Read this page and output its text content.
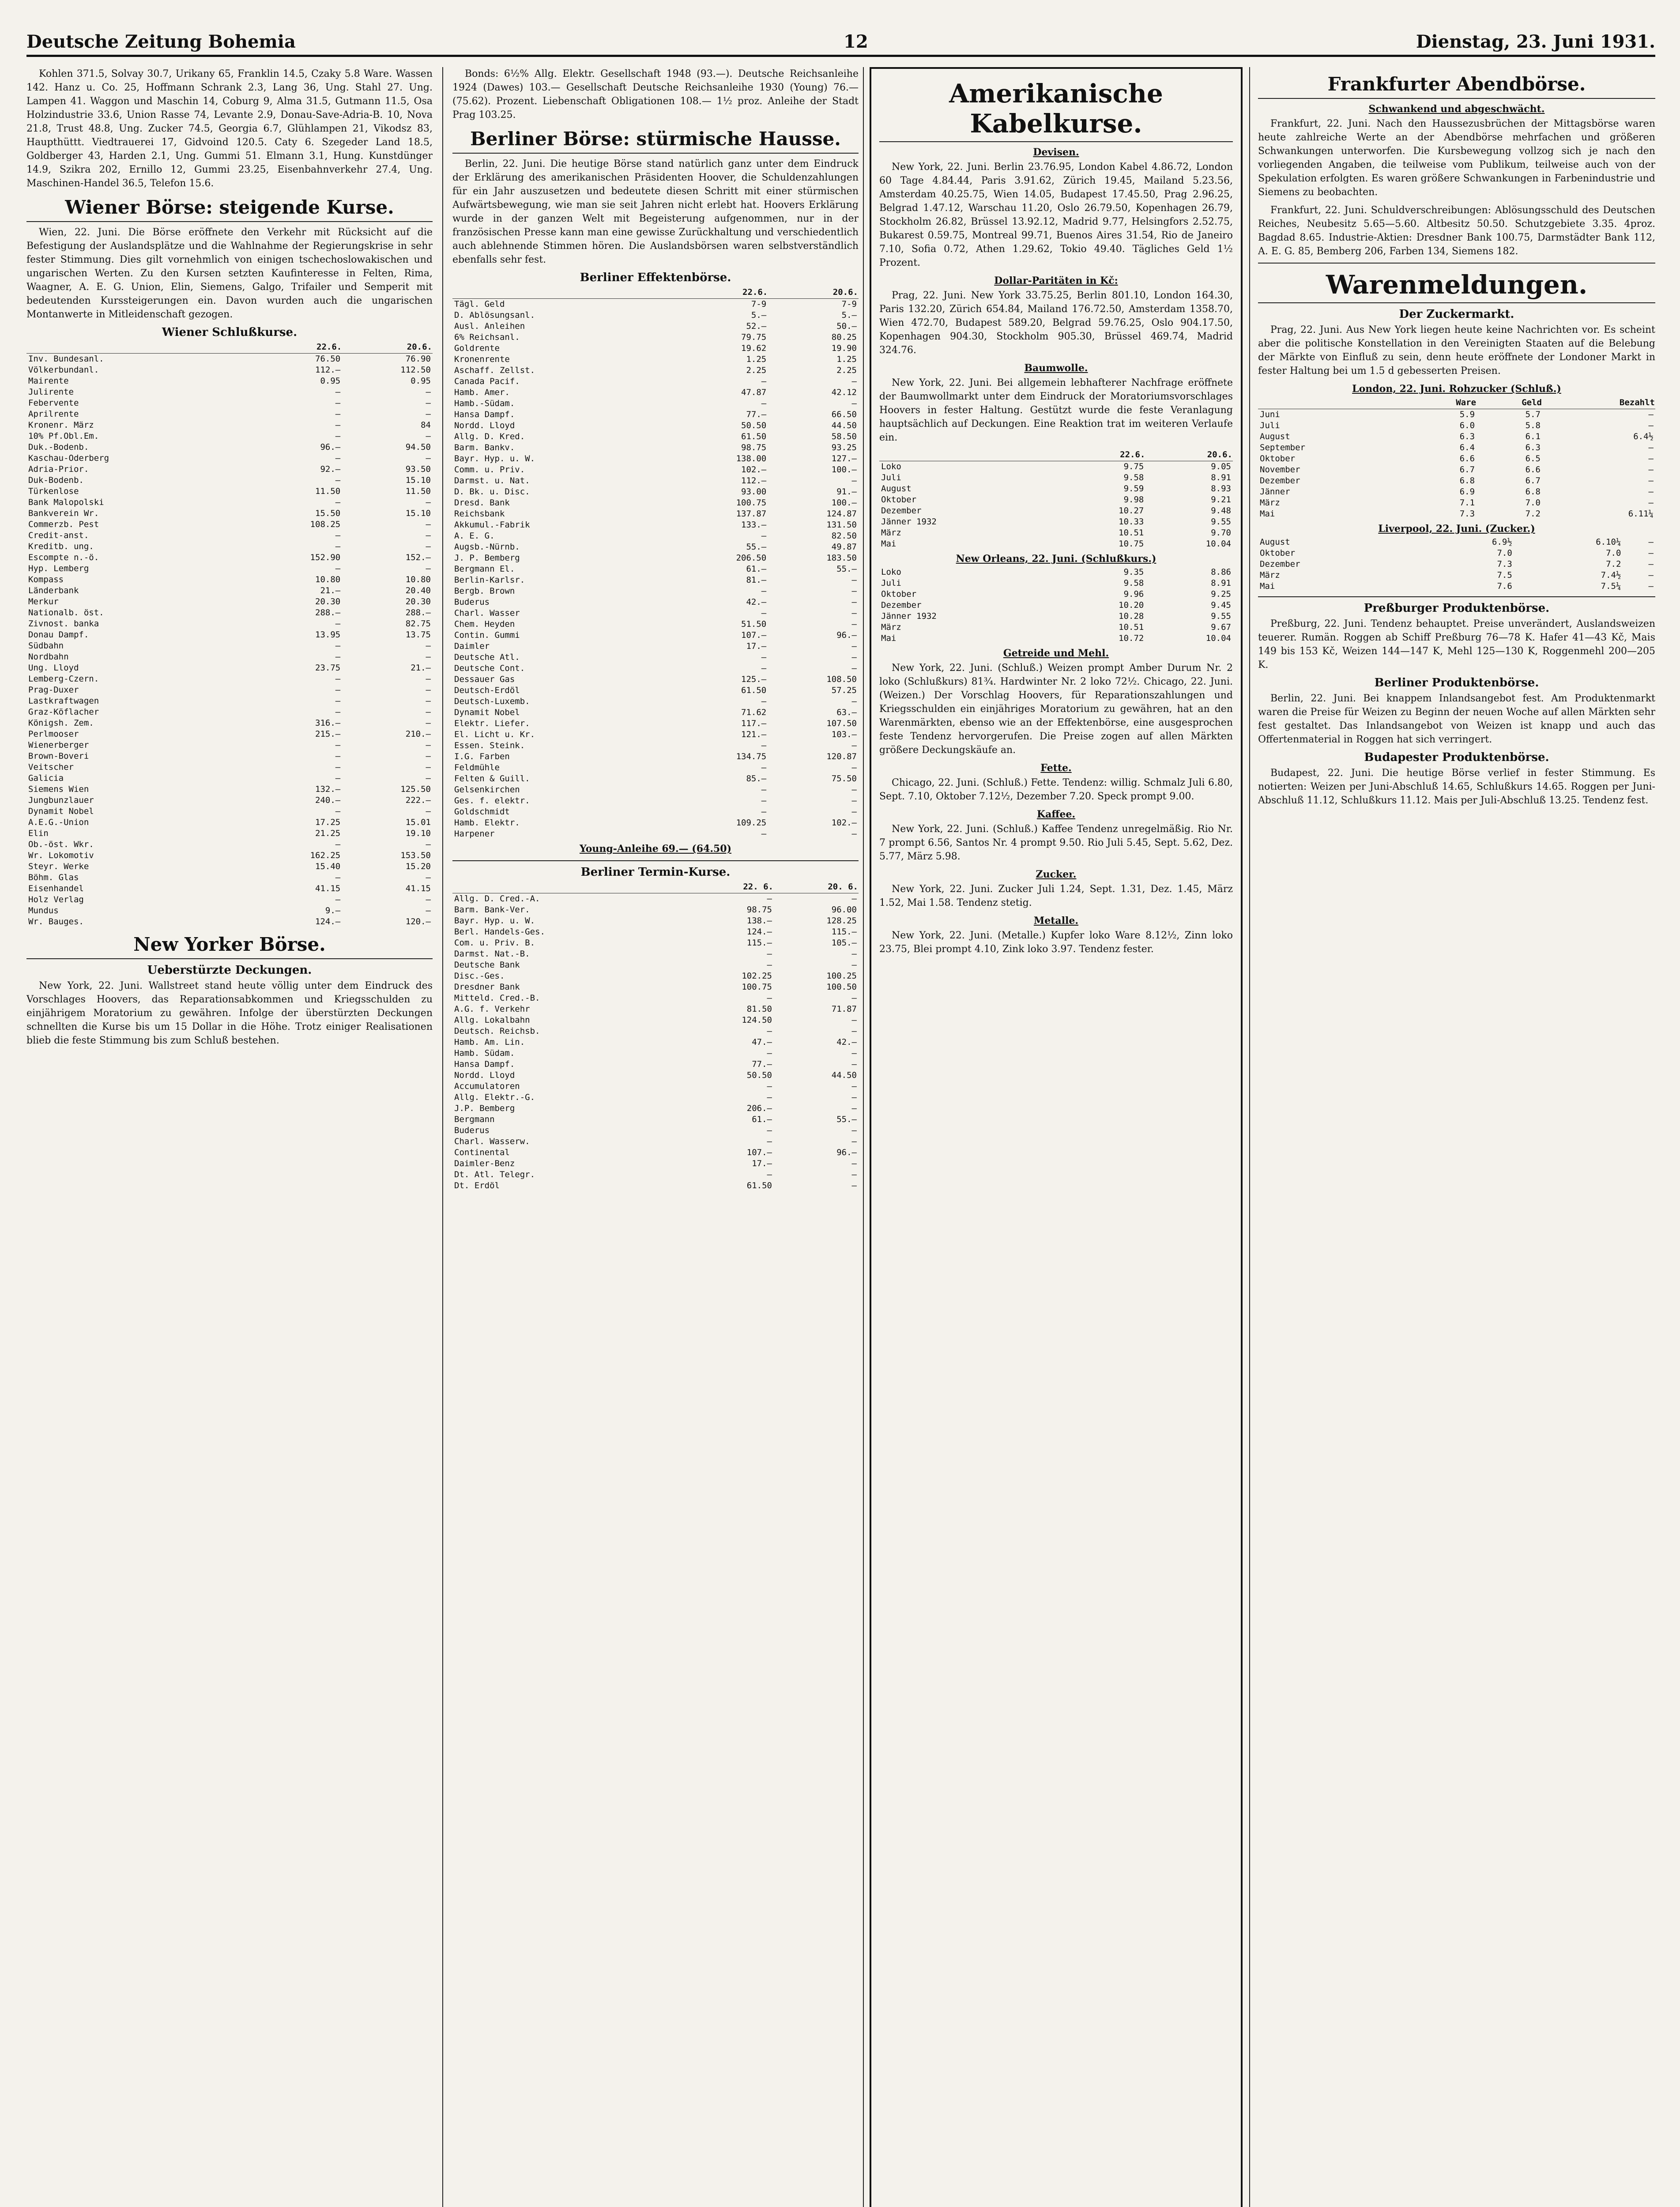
Deutsche Zeitung Bohemia	12	Dienstag, 23. Juni 1931.

Kohlen 371.5, Solvay 30.7, Urikany 65, Franklin 14.5, Czaky 5.8 Ware. Wassen 142. Hanz u. Co. 25, Hoffmann Schrank 2.3, Lang 36, Ung. Stahl 27. Ung. Lampen 41. Waggon und Maschin 14, Coburg 9, Alma 31.5, Gutmann 11.5, Osa Holzindustrie 33.6, Union Rasse 74, Levante 2.9, Donau-Save-Adria-B. 10, Nova 21.8, Trust 48.8, Ung. Zucker 74.5, Georgia 6.7, Glühlampen 21, Vikodsz 83, Haupthüttt. Viedtrauerei 17, Gidvoind 120.5. Caty 6. Szegeder Land 18.5, Goldberger 43, Harden 2.1, Ung. Gummi 51. Elmann 3.1, Hung. Kunstdünger 14.9, Szikra 202, Ernillo 12, Gummi 23.25, Eisenbahnverkehr 27.4, Ung. Maschinen-Handel 36.5, Telefon 15.6.

Wiener Börse: steigende Kurse.

Wien, 22. Juni. Die Börse eröffnete den Verkehr mit Rücksicht auf die Befestigung der Auslandsplätze und die Wahlnahme der Regierungskrise in sehr fester Stimmung. Dies gilt vornehmlich von einigen tschechoslowakischen und ungarischen Werten. Zu den Kursen setzten Kaufinteresse in Felten, Rima, Waagner, A. E. G. Union, Elin, Siemens, Galgo, Trifailer und Semperit mit bedeutenden Kurssteigerungen ein. Davon wurden auch die ungarischen Montanwerte in Mitleidenschaft gezogen.

Wiener Schlußkurse.
	22.6.	20.6.
Inv. Bundesanl.	76.50	76.90
Völkerbundanl.	112.—	112.50
Mairente	0.95	0.95
Julirente	—	—
Febervente	—	—
Aprilrente	—	—
Kronenr. März	—	84
10% Pf.Obl.Em.	—	—
Duk.-Bodenb.	96.—	94.50
Kaschau-Oderberg	—	—
Adria-Prior.	92.—	93.50
Duk-Bodenb.	—	15.10
Türkenlose	11.50	11.50
Bank Malopolski	—	—
Bankverein Wr.	15.50	15.10
Commerzb. Pest	108.25	—
Credit-anst.	—	—
Kreditb. ung.	—	—
Escompte n.-ö.	152.90	152.—
Hyp. Lemberg	—	—
Kompass	10.80	10.80
Länderbank	21.—	20.40
Merkur	20.30	20.30
Nationalb. öst.	288.—	288.—
Zivnost. banka	—	82.75
Donau Dampf.	13.95	13.75
Südbahn	—	—
Nordbahn	—	—
Ung. Lloyd	23.75	21.—
Lemberg-Czern.	—	—
Prag-Duxer	—	—
Lastkraftwagen	—	—
Graz-Köflacher	—	—
Königsh. Zem.	316.—	—
Perlmooser	215.—	210.—
Wienerberger	—	—
Brown-Boveri	—	—
Veitscher	—	—
Galicia	—	—
Siemens Wien	132.—	125.50
Jungbunzlauer	240.—	222.—
Dynamit Nobel	—	—
A.E.G.-Union	17.25	15.01
Elin	21.25	19.10
Ob.-öst. Wkr.	—	—
Wr. Lokomotiv	162.25	153.50
Steyr. Werke	15.40	15.20
Böhm. Glas	—	—
Eisenhandel	41.15	41.15
Holz Verlag	—	—
Mundus	9.—	—
Wr. Bauges.	124.—	120.—
New Yorker Börse.
Ueberstürzte Deckungen.

New York, 22. Juni. Wallstreet stand heute völlig unter dem Eindruck des Vorschlages Hoovers, das Reparationsabkommen und Kriegsschulden zu einjährigem Moratorium zu gewähren. Infolge der überstürzten Deckungen schnellten die Kurse bis um 15 Dollar in die Höhe. Trotz einiger Realisationen blieb die feste Stimmung bis zum Schluß bestehen.

Bonds: 6½% Allg. Elektr. Gesellschaft 1948 (93.—). Deutsche Reichsanleihe 1924 (Dawes) 103.— Gesellschaft Deutsche Reichsanleihe 1930 (Young) 76.— (75.62). Prozent. Liebenschaft Obligationen 108.— 1½ proz. Anleihe der Stadt Prag 103.25.

Berliner Börse: stürmische Hausse.

Berlin, 22. Juni. Die heutige Börse stand natürlich ganz unter dem Eindruck der Erklärung des amerikanischen Präsidenten Hoover, die Schuldenzahlungen für ein Jahr auszusetzen und bedeutete diesen Schritt mit einer stürmischen Aufwärtsbewegung, wie man sie seit Jahren nicht erlebt hat. Hoovers Erklärung wurde in der ganzen Welt mit Begeisterung aufgenommen, nur in der französischen Presse kann man eine gewisse Zurückhaltung und verschiedentlich auch ablehnende Stimmen hören. Die Auslandsbörsen waren selbstverständlich ebenfalls sehr fest.

Berliner Effektenbörse.
	22.6.	20.6.
Tägl. Geld	7-9	7-9
D. Ablösungsanl.	5.—	5.—
Ausl. Anleihen	52.—	50.—
6% Reichsanl.	79.75	80.25
Goldrente	19.62	19.90
Kronenrente	1.25	1.25
Aschaff. Zellst.	2.25	2.25
Canada Pacif.	—	—
Hamb. Amer.	47.87	42.12
Hamb.-Südam.	—	—
Hansa Dampf.	77.—	66.50
Nordd. Lloyd	50.50	44.50
Allg. D. Kred.	61.50	58.50
Barm. Bankv.	98.75	93.25
Bayr. Hyp. u. W.	138.00	127.—
Comm. u. Priv.	102.—	100.—
Darmst. u. Nat.	112.—	—
D. Bk. u. Disc.	93.00	91.—
Dresd. Bank	100.75	100.—
Reichsbank	137.87	124.87
Akkumul.-Fabrik	133.—	131.50
A. E. G.	—	82.50
Augsb.-Nürnb.	55.—	49.87
J. P. Bemberg	206.50	183.50
Bergmann El.	61.—	55.—
Berlin-Karlsr.	81.—	—
Bergb. Brown	—	—
Buderus	42.—	—
Charl. Wasser	—	—
Chem. Heyden	51.50	—
Contin. Gummi	107.—	96.—
Daimler	17.—	—
Deutsche Atl.	—	—
Deutsche Cont.	—	—
Dessauer Gas	125.—	108.50
Deutsch-Erdöl	61.50	57.25
Deutsch-Luxemb.	—	—
Dynamit Nobel	71.62	63.—
Elektr. Liefer.	117.—	107.50
El. Licht u. Kr.	121.—	103.—
Essen. Steink.	—	—
I.G. Farben	134.75	120.87
Feldmühle	—	—
Felten & Guill.	85.—	75.50
Gelsenkirchen	—	—
Ges. f. elektr.	—	—
Goldschmidt	—	—
Hamb. Elektr.	109.25	102.—
Harpener	—	—
Young-Anleihe 69.— (64.50)
Berliner Termin-Kurse.
	22. 6.	20. 6.
Allg. D. Cred.-A.	—	—
Barm. Bank-Ver.	98.75	96.00
Bayr. Hyp. u. W.	138.—	128.25
Berl. Handels-Ges.	124.—	115.—
Com. u. Priv. B.	115.—	105.—
Darmst. Nat.-B.	—	—
Deutsche Bank	—	—
Disc.-Ges.	102.25	100.25
Dresdner Bank	100.75	100.50
Mitteld. Cred.-B.	—	—
A.G. f. Verkehr	81.50	71.87
Allg. Lokalbahn	124.50	—
Deutsch. Reichsb.	—	—
Hamb. Am. Lin.	47.—	42.—
Hamb. Südam.	—	—
Hansa Dampf.	77.—	—
Nordd. Lloyd	50.50	44.50
Accumulatoren	—	—
Allg. Elektr.-G.	—	—
J.P. Bemberg	206.—	—
Bergmann	61.—	55.—
Buderus	—	—
Charl. Wasserw.	—	—
Continental	107.—	96.—
Daimler-Benz	17.—	—
Dt. Atl. Telegr.	—	—
Dt. Erdöl	61.50	—
Amerikanische Kabelkurse.
Devisen.

New York, 22. Juni. Berlin 23.76.95, London Kabel 4.86.72, London 60 Tage 4.84.44, Paris 3.91.62, Zürich 19.45, Mailand 5.23.56, Amsterdam 40.25.75, Wien 14.05, Budapest 17.45.50, Prag 2.96.25, Belgrad 1.47.12, Warschau 11.20, Oslo 26.79.50, Kopenhagen 26.79, Stockholm 26.82, Brüssel 13.92.12, Madrid 9.77, Helsingfors 2.52.75, Bukarest 0.59.75, Montreal 99.71, Buenos Aires 31.54, Rio de Janeiro 7.10, Sofia 0.72, Athen 1.29.62, Tokio 49.40. Tägliches Geld 1½ Prozent.

Dollar-Paritäten in Kč:

Prag, 22. Juni. New York 33.75.25, Berlin 801.10, London 164.30, Paris 132.20, Zürich 654.84, Mailand 176.72.50, Amsterdam 1358.70, Wien 472.70, Budapest 589.20, Belgrad 59.76.25, Oslo 904.17.50, Kopenhagen 904.30, Stockholm 905.30, Brüssel 469.74, Madrid 324.76.

Baumwolle.

New York, 22. Juni. Bei allgemein lebhafterer Nachfrage eröffnete der Baumwollmarkt unter dem Eindruck der Moratoriumsvorschlages Hoovers in fester Haltung. Gestützt wurde die feste Veranlagung hauptsächlich auf Deckungen. Eine Reaktion trat im weiteren Verlaufe ein.

	22.6.	20.6.
Loko	9.75	9.05
Juli	9.58	8.91
August	9.59	8.93
Oktober	9.98	9.21
Dezember	10.27	9.48
Jänner 1932	10.33	9.55
März	10.51	9.70
Mai	10.75	10.04
New Orleans, 22. Juni. (Schlußkurs.)
Loko	9.35	8.86
Juli	9.58	8.91
Oktober	9.96	9.25
Dezember	10.20	9.45
Jänner 1932	10.28	9.55
März	10.51	9.67
Mai	10.72	10.04
Getreide und Mehl.

New York, 22. Juni. (Schluß.) Weizen prompt Amber Durum Nr. 2 loko (Schlußkurs) 81¾. Hardwinter Nr. 2 loko 72½. Chicago, 22. Juni. (Weizen.) Der Vorschlag Hoovers, für Reparationszahlungen und Kriegsschulden ein einjähriges Moratorium zu gewähren, hat an den Warenmärkten, ebenso wie an der Effektenbörse, eine ausgesprochen feste Tendenz hervorgerufen. Die Preise zogen auf allen Märkten größere Deckungskäufe an.

Fette.

Chicago, 22. Juni. (Schluß.) Fette. Tendenz: willig. Schmalz Juli 6.80, Sept. 7.10, Oktober 7.12½, Dezember 7.20. Speck prompt 9.00.

Kaffee.

New York, 22. Juni. (Schluß.) Kaffee Tendenz unregelmäßig. Rio Nr. 7 prompt 6.56, Santos Nr. 4 prompt 9.50. Rio Juli 5.45, Sept. 5.62, Dez. 5.77, März 5.98.

Zucker.

New York, 22. Juni. Zucker Juli 1.24, Sept. 1.31, Dez. 1.45, März 1.52, Mai 1.58. Tendenz stetig.

Metalle.

New York, 22. Juni. (Metalle.) Kupfer loko Ware 8.12½, Zinn loko 23.75, Blei prompt 4.10, Zink loko 3.97. Tendenz fester.

Frankfurter Abendbörse.
Schwankend und abgeschwächt.

Frankfurt, 22. Juni. Nach den Haussezusbrüchen der Mittagsbörse waren heute zahlreiche Werte an der Abendbörse mehrfachen und größeren Schwankungen unterworfen. Die Kursbewegung vollzog sich je nach den vorliegenden Angaben, die teilweise vom Publikum, teilweise auch von der Spekulation erfolgten. Es waren größere Schwankungen in Farbenindustrie und Siemens zu beobachten.

Frankfurt, 22. Juni. Schuldverschreibungen: Ablösungsschuld des Deutschen Reiches, Neubesitz 5.65—5.60. Altbesitz 50.50. Schutzgebiete 3.35. 4proz. Bagdad 8.65. Industrie-Aktien: Dresdner Bank 100.75, Darmstädter Bank 112, A. E. G. 85, Bemberg 206, Farben 134, Siemens 182.

Warenmeldungen.
Der Zuckermarkt.

Prag, 22. Juni. Aus New York liegen heute keine Nachrichten vor. Es scheint aber die politische Konstellation in den Vereinigten Staaten auf die Belebung der Märkte von Einfluß zu sein, denn heute eröffnete der Londoner Markt in fester Haltung bei um 1.5 d gebesserten Preisen.

London, 22. Juni. Rohzucker (Schluß.)
	Ware	Geld	Bezahlt
Juni	5.9	5.7	—
Juli	6.0	5.8	—
August	6.3	6.1	6.4½
September	6.4	6.3	—
Oktober	6.6	6.5	—
November	6.7	6.6	—
Dezember	6.8	6.7	—
Jänner	6.9	6.8	—
März	7.1	7.0	—
Mai	7.3	7.2	6.11¼
Liverpool, 22. Juni. (Zucker.)
August	6.9½	6.10¼	—
Oktober	7.0	7.0	—
Dezember	7.3	7.2	—
März	7.5	7.4½	—
Mai	7.6	7.5¼	—
Preßburger Produktenbörse.

Preßburg, 22. Juni. Tendenz behauptet. Preise unverändert, Auslandsweizen teuerer. Rumän. Roggen ab Schiff Preßburg 76—78 K. Hafer 41—43 Kč, Mais 149 bis 153 Kč, Weizen 144—147 K, Mehl 125—130 K, Roggenmehl 200—205 K.

Berliner Produktenbörse.

Berlin, 22. Juni. Bei knappem Inlandsangebot fest. Am Produktenmarkt waren die Preise für Weizen zu Beginn der neuen Woche auf allen Märkten sehr fest gestaltet. Das Inlandsangebot von Weizen ist knapp und auch das Offertenmaterial in Roggen hat sich verringert.

Budapester Produktenbörse.

Budapest, 22. Juni. Die heutige Börse verlief in fester Stimmung. Es notierten: Weizen per Juni-Abschluß 14.65, Schlußkurs 14.65. Roggen per Juni-Abschluß 11.12, Schlußkurs 11.12. Mais per Juli-Abschluß 13.25. Tendenz fest.
